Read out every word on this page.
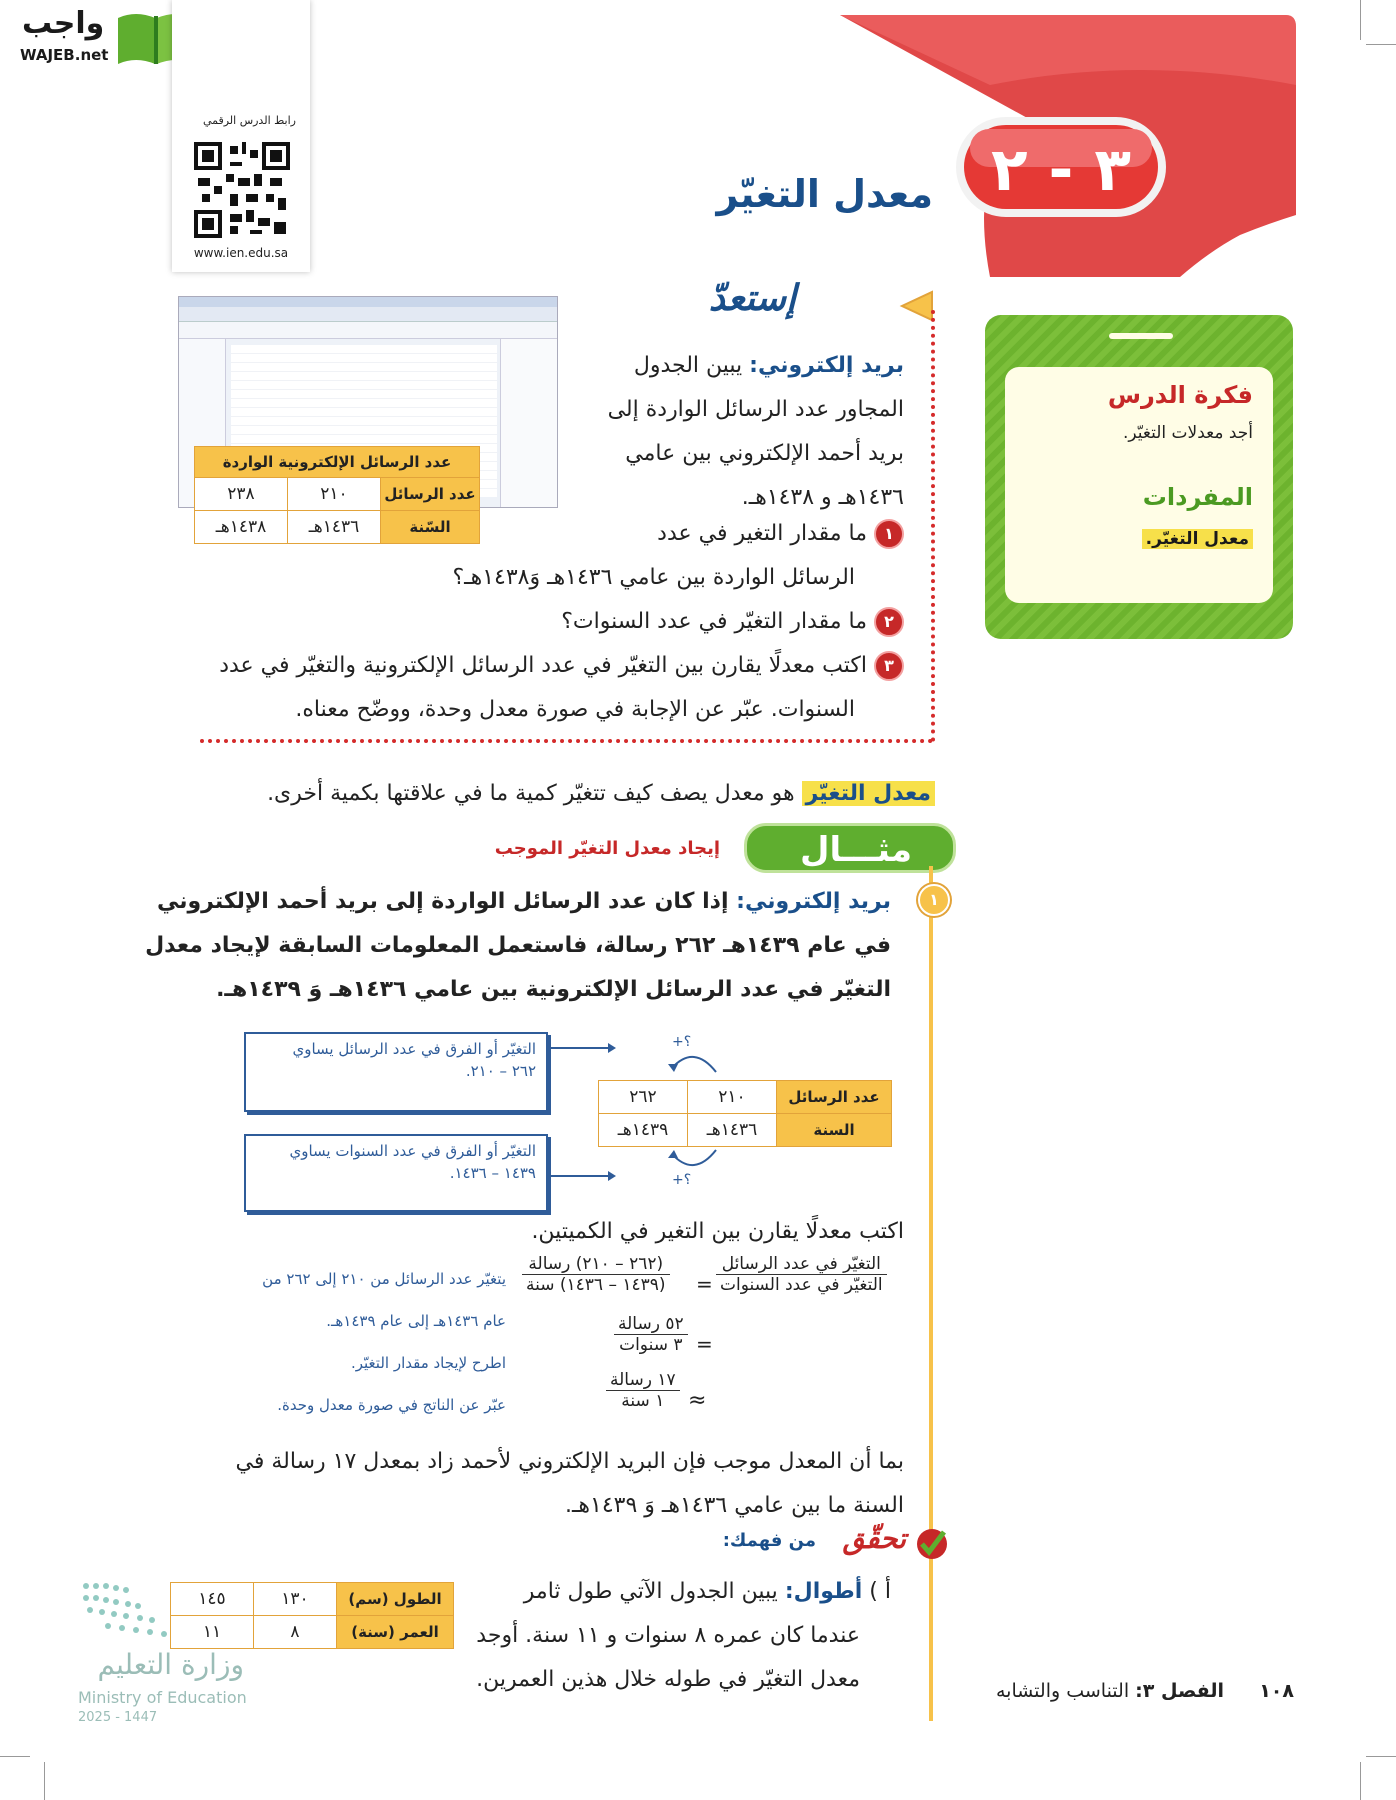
واجب
WAJEB.net
رابط الدرس الرقمي
www.ien.edu.sa
٣ - ٢
معدل التغيّر
إستعدّ
عدد الرسائل الإلكترونية الواردة		
عدد الرسائل	٢١٠	٢٣٨
السّنة	١٤٣٦هـ	١٤٣٨هـ
بريد إلكتروني: يبين الجدول المجاور عدد الرسائل الواردة إلى بريد أحمد الإلكتروني بين عامي ١٤٣٦هـ و ١٤٣٨هـ.
١ ما مقدار التغير في عدد
الرسائل الواردة بين عامي ١٤٣٦هـ وَ١٤٣٨هـ؟
٢ ما مقدار التغيّر في عدد السنوات؟
٣ اكتب معدلًا يقارن بين التغيّر في عدد الرسائل الإلكترونية والتغيّر في عدد
السنوات. عبّر عن الإجابة في صورة معدل وحدة، ووضّح معناه.
فكرة الدرس
أجد معدلات التغيّر.
المفردات
معدل التغيّر.
معدل التغيّر هو معدل يصف كيف تتغيّر كمية ما في علاقتها بكمية أخرى.
مثـــال
إيجاد معدل التغيّر الموجب
١
بريد إلكتروني: إذا كان عدد الرسائل الواردة إلى بريد أحمد الإلكتروني
في عام ١٤٣٩هـ ٢٦٢ رسالة، فاستعمل المعلومات السابقة لإيجاد معدل
التغيّر في عدد الرسائل الإلكترونية بين عامي ١٤٣٦هـ وَ ١٤٣٩هـ.
التغيّر أو الفرق في عدد الرسائل يساوي
٢٦٢ – ٢١٠.
التغيّر أو الفرق في عدد السنوات يساوي
١٤٣٩ – ١٤٣٦.
+؟
+؟
عدد الرسائل	٢١٠	٢٦٢
السنة	١٤٣٦هـ	١٤٣٩هـ
اكتب معدلًا يقارن بين التغير في الكميتين.
$\frac{\text{التغيّر في عدد الرسائل}}{\text{التغيّر في عدد السنوات}}$
=
$\frac{\text{(٢٦٢ – ٢١٠) رسالة}}{\text{(١٤٣٩ – ١٤٣٦) سنة}}$
=
$\frac{\text{٥٢ رسالة}}{\text{٣ سنوات}}$
≈
$\frac{\text{١٧ رسالة}}{\text{١ سنة}}$
يتغيّر عدد الرسائل من ٢١٠ إلى ٢٦٢ من
عام ١٤٣٦هـ إلى عام ١٤٣٩هـ.
اطرح لإيجاد مقدار التغيّر.
عبّر عن الناتج في صورة معدل وحدة.
بما أن المعدل موجب فإن البريد الإلكتروني لأحمد زاد بمعدل ١٧ رسالة في
السنة ما بين عامي ١٤٣٦هـ وَ ١٤٣٩هـ.
تحقّق
من فهمك:
أ ) أطوال: يبين الجدول الآتي طول ثامر
عندما كان عمره ٨ سنوات و ١١ سنة. أوجد
معدل التغيّر في طوله خلال هذين العمرين.
الطول (سم)	١٣٠	١٤٥
العمر (سنة)	٨	١١
وزارة التعليم
Ministry of Education
2025 - 1447
١٠٨
الفصل ٣: التناسب والتشابه
